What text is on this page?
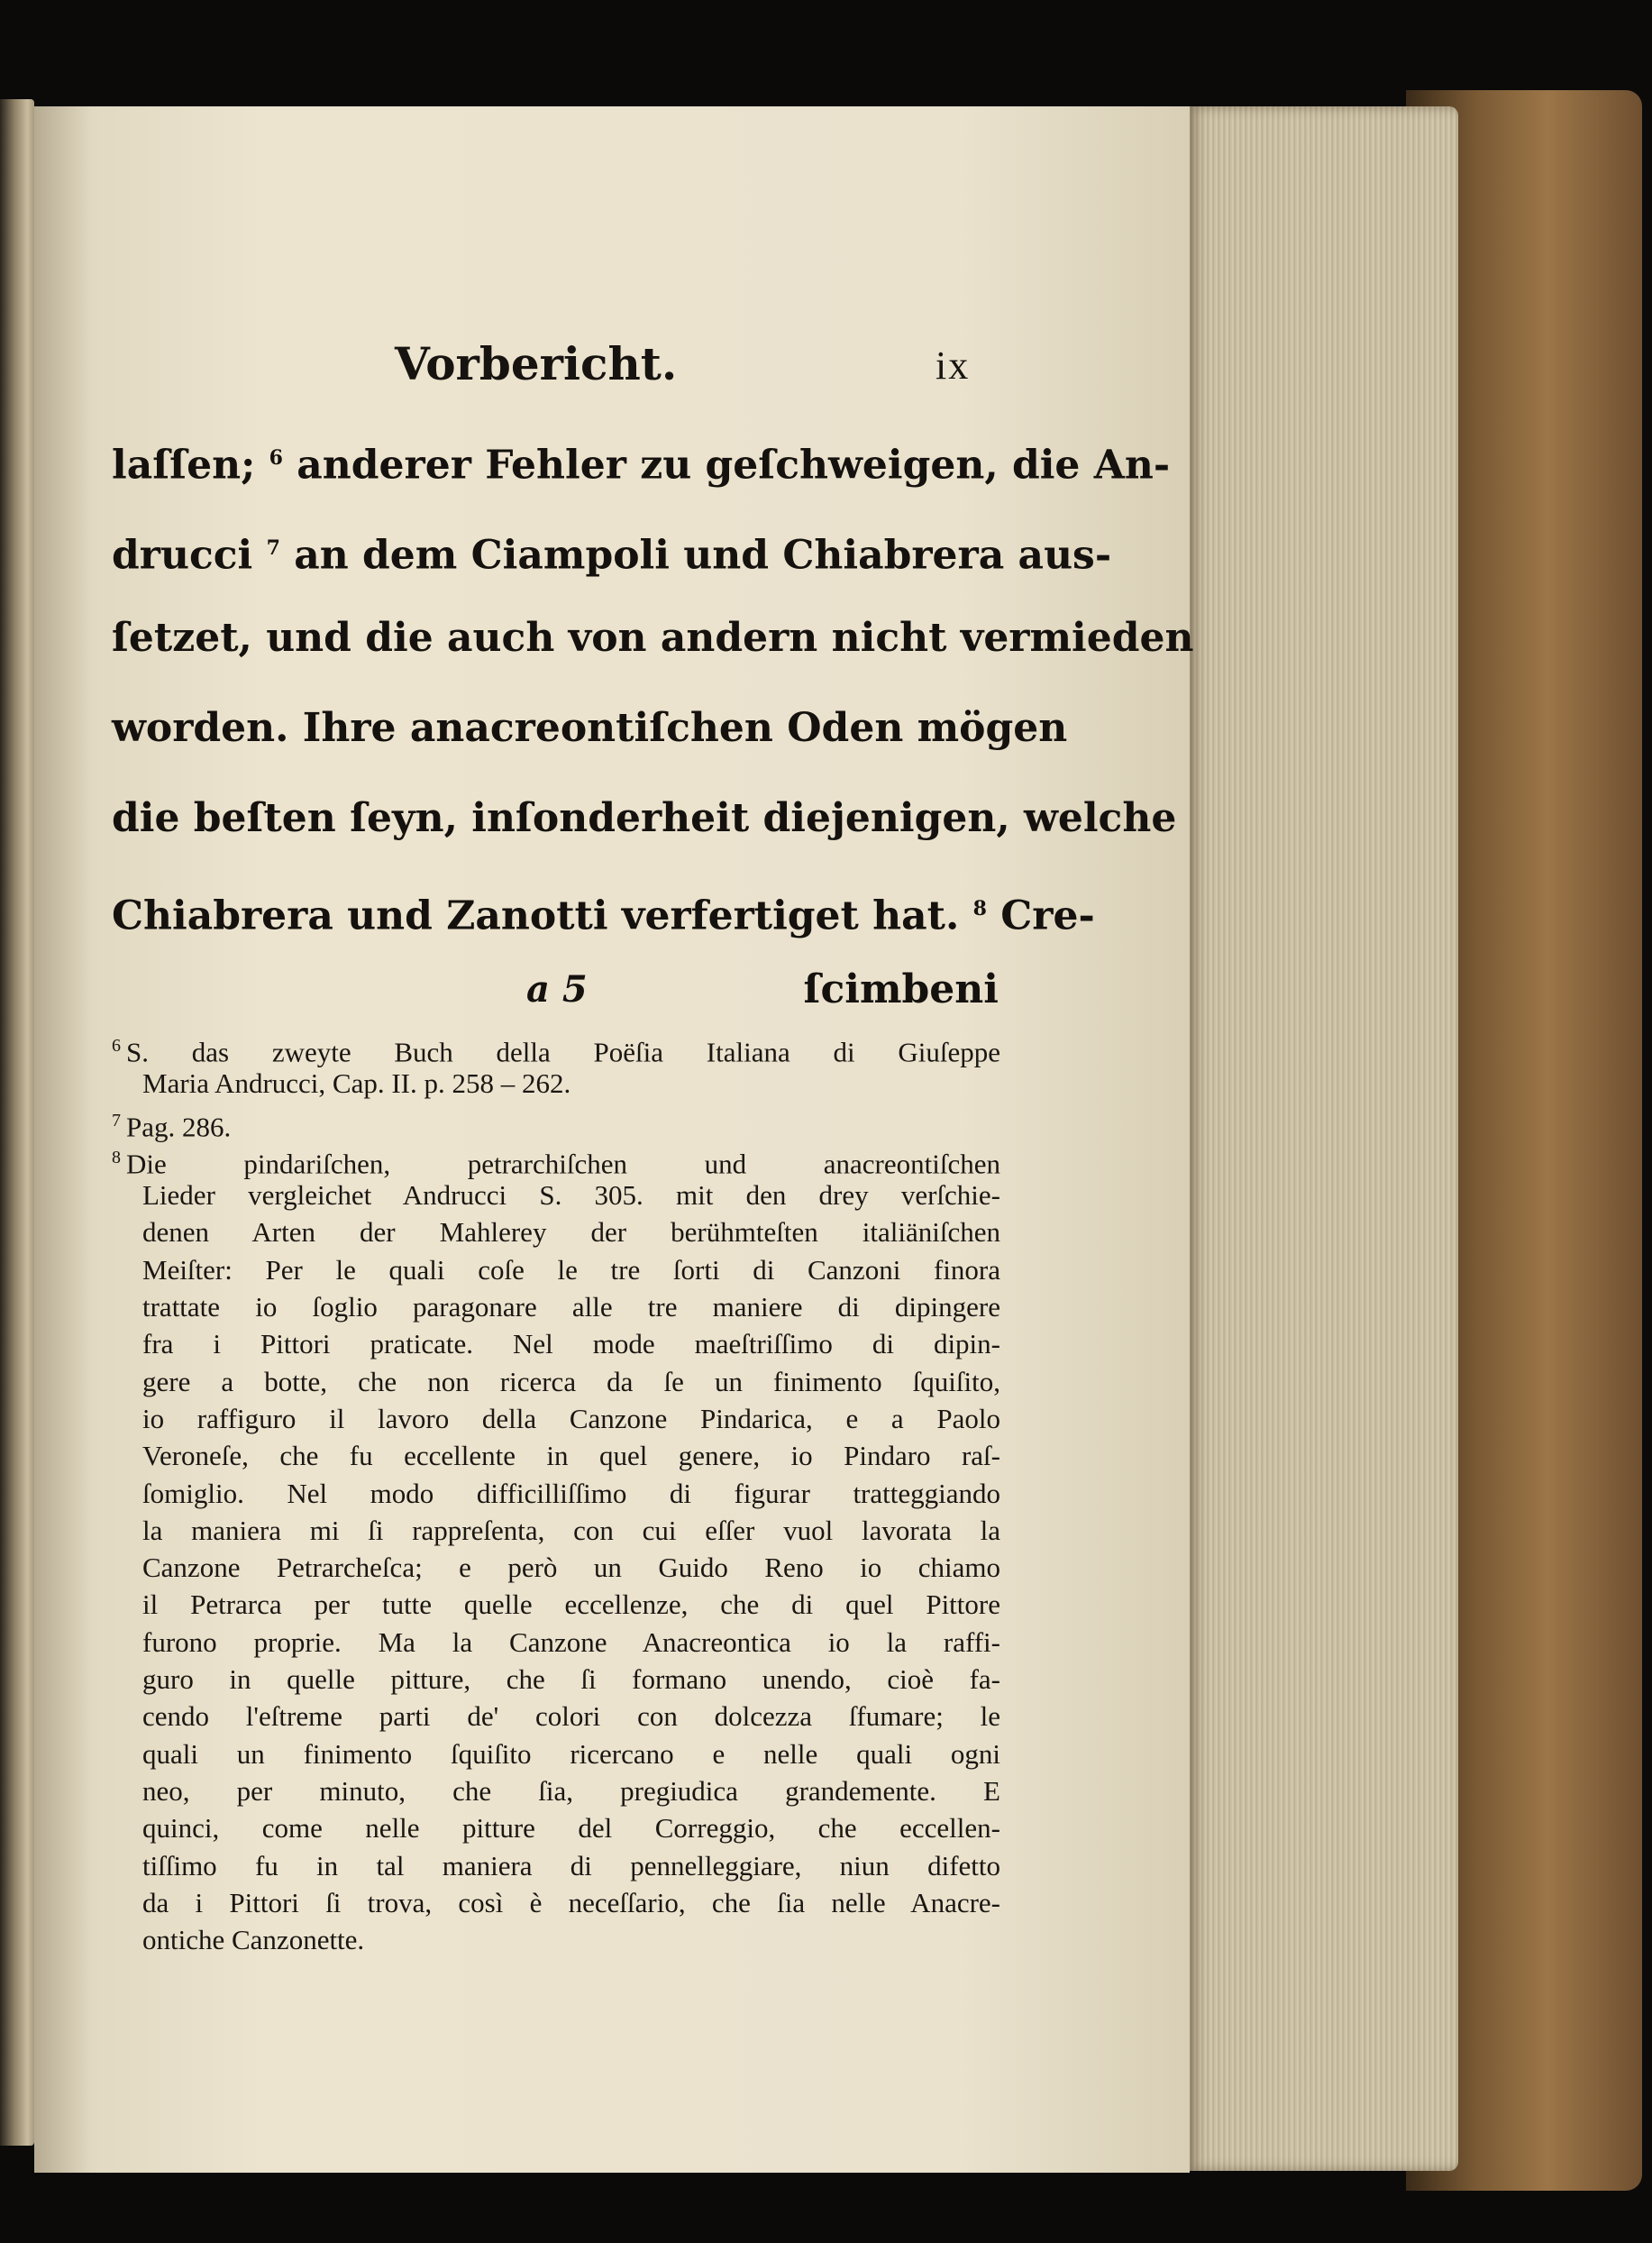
Vorbericht.	ix
laſſen; $^6$ anderer Fehler zu geſchweigen, die An-
drucci $^7$ an dem Ciampoli und Chiabrera aus-
ſetzet, und die auch von andern nicht vermieden
worden. Ihre anacreontiſchen Oden mögen
die beſten ſeyn, inſonderheit diejenigen, welche
Chiabrera und Zanotti verfertiget hat. $^8$ Cre-
a 5	ſcimbeni
6 S. das zweyte Buch della Poëſia Italiana di Giuſeppe
Maria Andrucci, Cap. II. p. 258 – 262.
7 Pag. 286.
8 Die pindariſchen, petrarchiſchen und anacreontiſchen
Lieder vergleichet Andrucci S. 305. mit den drey verſchie-
denen Arten der Mahlerey der berühmteſten italiäniſchen
Meiſter: Per le quali coſe le tre ſorti di Canzoni finora
trattate io ſoglio paragonare alle tre maniere di dipingere
fra i Pittori praticate. Nel mode maeſtriſſimo di dipin-
gere a botte, che non ricerca da ſe un finimento ſquiſito,
io raffiguro il lavoro della Canzone Pindarica, e a Paolo
Veroneſe, che fu eccellente in quel genere, io Pindaro raſ-
ſomiglio. Nel modo difficilliſſimo di figurar tratteggiando
la maniera mi ſi rappreſenta, con cui eſſer vuol lavorata la
Canzone Petrarcheſca; e però un Guido Reno io chiamo
il Petrarca per tutte quelle eccellenze, che di quel Pittore
furono proprie. Ma la Canzone Anacreontica io la raffi-
guro in quelle pitture, che ſi formano unendo, cioè fa-
cendo l'eſtreme parti de' colori con dolcezza ſfumare; le
quali un finimento ſquiſito ricercano e nelle quali ogni
neo, per minuto, che ſia, pregiudica grandemente. E
quinci, come nelle pitture del Correggio, che eccellen-
tiſſimo fu in tal maniera di pennelleggiare, niun difetto
da i Pittori ſi trova, così è neceſſario, che ſia nelle Anacre-
ontiche Canzonette.
